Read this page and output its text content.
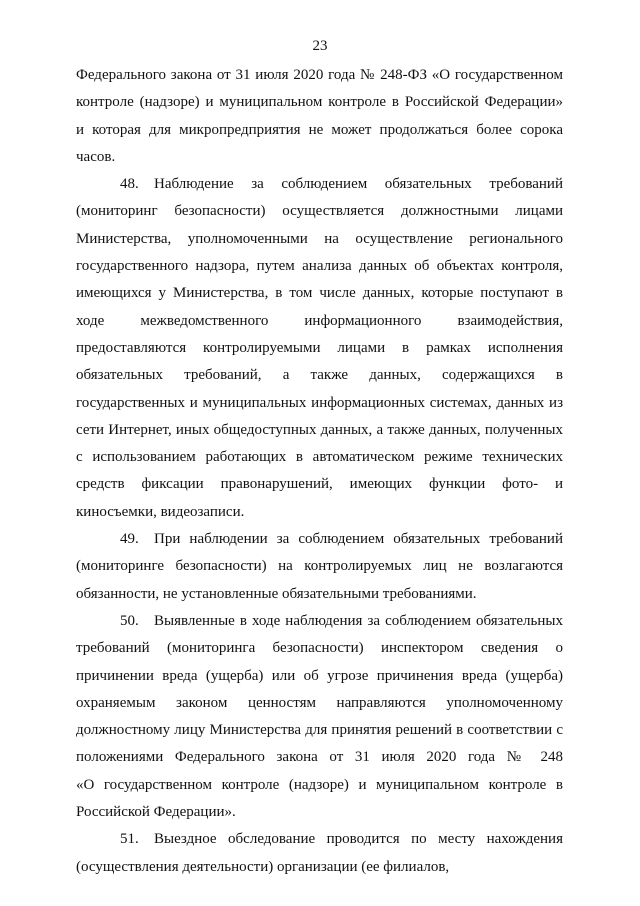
23
Федерального закона от 31 июля 2020 года № 248-ФЗ «О государственном
контроле (надзоре) и муниципальном контроле в Российской Федерации»
и которая для микропредприятия не может продолжаться более сорока
часов.
48.	Наблюдение за соблюдением обязательных требований
(мониторинг безопасности) осуществляется должностными лицами
Министерства, уполномоченными на осуществление регионального
государственного надзора, путем анализа данных об объектах контроля,
имеющихся у Министерства, в том числе данных, которые поступают в
ходе межведомственного информационного взаимодействия,
предоставляются контролируемыми лицами в рамках исполнения
обязательных требований, а также данных, содержащихся в
государственных и муниципальных информационных системах, данных из
сети Интернет, иных общедоступных данных, а также данных, полученных
с использованием работающих в автоматическом режиме технических
средств фиксации правонарушений, имеющих функции фото- и
киносъемки, видеозаписи.
49.	При наблюдении за соблюдением обязательных требований
(мониторинге безопасности) на контролируемых лиц не возлагаются
обязанности, не установленные обязательными требованиями.
50.	Выявленные в ходе наблюдения за соблюдением обязательных
требований (мониторинга безопасности) инспектором сведения о
причинении вреда (ущерба) или об угрозе причинения вреда (ущерба)
охраняемым законом ценностям направляются уполномоченному
должностному лицу Министерства для принятия решений в соответствии с
положениями Федерального закона от 31 июля 2020 года № 248
«О государственном контроле (надзоре) и муниципальном контроле в
Российской Федерации».
51.	Выездное обследование проводится по месту нахождения
(осуществления деятельности) организации (ее филиалов,
